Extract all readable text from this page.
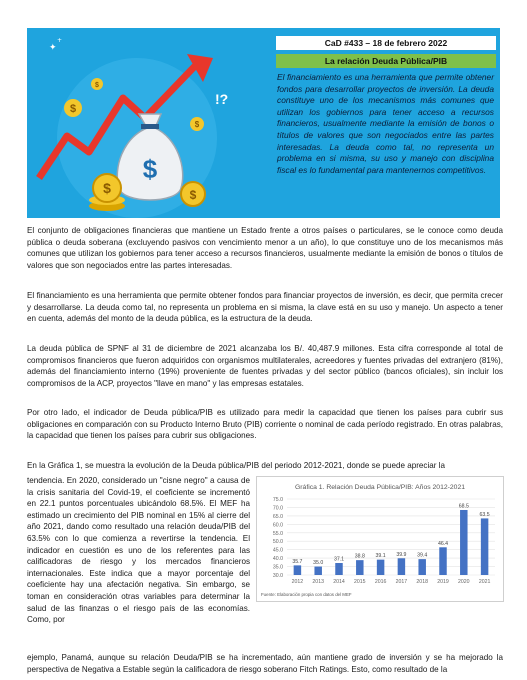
$
$
$
✦
+
$
$	$
!?
CaD #433 – 18 de febrero 2022
La relación Deuda Pública/PIB
El financiamiento es una herramienta que permite obtener fondos para desarrollar proyectos de inversión. La deuda constituye uno de los mecanismos más comunes que utilizan los gobiernos para tener acceso a recursos financieros, usualmente mediante la emisión de bonos o títulos de valores que son negociados entre las partes interesadas. La deuda como tal, no representa un problema en si misma, su uso y manejo con disciplina fiscal es lo fundamental para mantenernos competitivos.
El conjunto de obligaciones financieras que mantiene un Estado frente a otros países o particulares, se le conoce como deuda pública o deuda soberana (excluyendo pasivos con vencimiento menor a un año), lo que constituye uno de los mecanismos más comunes que utilizan los gobiernos para tener acceso a recursos financieros, usualmente mediante la emisión de bonos o títulos de valores que son negociados entre las partes interesadas.
El financiamiento es una herramienta que permite obtener fondos para financiar proyectos de inversión, es decir, que permita crecer y desarrollarse. La deuda como tal, no representa un problema en si misma, la clave está en su uso y manejo. Un aspecto a tener en cuenta, además del monto de la deuda pública, es la estructura de la deuda.
La deuda pública de SPNF al 31 de diciembre de 2021 alcanzaba los B/. 40,487.9 millones. Esta cifra corresponde al total de compromisos financieros que fueron adquiridos con organismos multilaterales, acreedores y fuentes privadas del extranjero (81%), además del financiamiento interno (19%) proveniente de fuentes privadas y del sector público (bancos oficiales), sin incluir los compromisos de la ACP, proyectos "llave en mano" y las empresas estatales.
Por otro lado, el indicador de Deuda pública/PIB es utilizado para medir la capacidad que tienen los países para cubrir sus obligaciones en comparación con su Producto Interno Bruto (PIB) corriente o nominal de cada período registrado. En otras palabras, la capacidad que tienen los países para cubrir sus obligaciones.
En la Gráfica 1, se muestra la evolución de la Deuda pública/PIB del periodo 2012-2021, donde se puede apreciar la
tendencia. En 2020, considerado un "cisne negro" a causa de la crisis sanitaria del Covid-19, el coeficiente se incrementó en 22.1 puntos porcentuales ubicándolo 68.5%. El MEF ha estimado un crecimiento del PIB nominal en 15% al cierre del año 2021, dando como resultado una relación deuda/PIB del 63.5% con lo que comienza a revertirse la tendencia. El indicador en cuestión es uno de los referentes para las calificadoras de riesgo y los mercados financieros internacionales. Este indica que a mayor porcentaje del coeficiente hay una afectación negativa. Sin embargo, se toman en consideración otras variables para determinar la salud de las finanzas o el riesgo país de las economías. Como, por
ejemplo, Panamá, aunque su relación Deuda/PIB se ha incrementado, aún mantiene grado de inversión y se ha mejorado la perspectiva de Negativa a Estable según la calificadora de riesgo soberano Fitch Ratings. Esto, como resultado de la
Gráfica 1. Relación Deuda Pública/PIB: Años 2012-2021
30.0
35.0
40.0
45.0
50.0
55.0
60.0
65.0
70.0
75.0
35.7
2012
35.0
2013
37.1
2014
38.8
2015
39.1
2016
39.9
2017
39.4
2018
46.4
2019
68.5
2020
63.5
2021
Fuente: Elaboración propia con datos del MEF
